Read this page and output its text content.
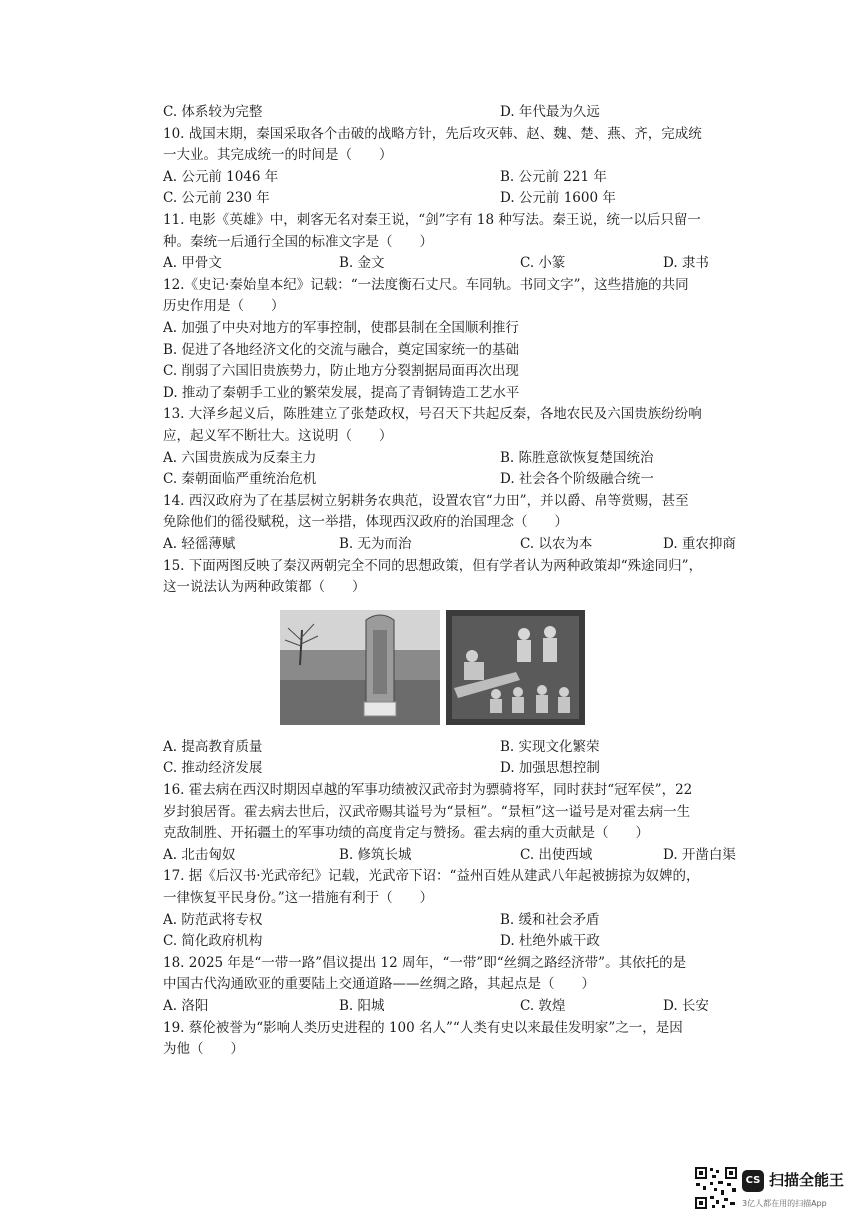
C. 体系较为完整	D. 年代最为久远
10. 战国末期，秦国采取各个击破的战略方针，先后攻灭韩、赵、魏、楚、燕、齐，完成统
一大业。其完成统一的时间是（　　）
A. 公元前 1046 年	B. 公元前 221 年
C. 公元前 230 年	D. 公元前 1600 年
11. 电影《英雄》中，刺客无名对秦王说，“剑”字有 18 种写法。秦王说，统一以后只留一
种。秦统一后通行全国的标准文字是（　　）
A. 甲骨文	B. 金文	C. 小篆	D. 隶书
12.《史记·秦始皇本纪》记载：“一法度衡石丈尺。车同轨。书同文字”，这些措施的共同
历史作用是（　　）
A. 加强了中央对地方的军事控制，使郡县制在全国顺利推行
B. 促进了各地经济文化的交流与融合，奠定国家统一的基础
C. 削弱了六国旧贵族势力，防止地方分裂割据局面再次出现
D. 推动了秦朝手工业的繁荣发展，提高了青铜铸造工艺水平
13. 大泽乡起义后，陈胜建立了张楚政权，号召天下共起反秦，各地农民及六国贵族纷纷响
应，起义军不断壮大。这说明（　　）
A. 六国贵族成为反秦主力	B. 陈胜意欲恢复楚国统治
C. 秦朝面临严重统治危机	D. 社会各个阶级融合统一
14. 西汉政府为了在基层树立躬耕务农典范，设置农官“力田”，并以爵、帛等赏赐，甚至
免除他们的徭役赋税，这一举措，体现西汉政府的治国理念（　　）
A. 轻徭薄赋	B. 无为而治	C. 以农为本	D. 重农抑商
15. 下面两图反映了秦汉两朝完全不同的思想政策，但有学者认为两种政策却“殊途同归”，
这一说法认为两种政策都（　　）
A. 提高教育质量	B. 实现文化繁荣
C. 推动经济发展	D. 加强思想控制
16. 霍去病在西汉时期因卓越的军事功绩被汉武帝封为骠骑将军，同时获封“冠军侯”，22
岁封狼居胥。霍去病去世后，汉武帝赐其谥号为“景桓”。“景桓”这一谥号是对霍去病一生
克敌制胜、开拓疆土的军事功绩的高度肯定与赞扬。霍去病的重大贡献是（　　）
A. 北击匈奴	B. 修筑长城	C. 出使西域	D. 开凿白渠
17. 据《后汉书·光武帝纪》记载，光武帝下诏：“益州百姓从建武八年起被掳掠为奴婢的，
一律恢复平民身份。”这一措施有利于（　　）
A. 防范武将专权	B. 缓和社会矛盾
C. 简化政府机构	D. 杜绝外戚干政
18. 2025 年是“一带一路”倡议提出 12 周年，“一带”即“丝绸之路经济带”。其依托的是
中国古代沟通欧亚的重要陆上交通道路——丝绸之路，其起点是（　　）
A. 洛阳	B. 阳城	C. 敦煌	D. 长安
19. 蔡伦被誉为“影响人类历史进程的 100 名人”“人类有史以来最佳发明家”之一，是因
为他（　　）
CS 扫描全能王
3亿人都在用的扫描App
